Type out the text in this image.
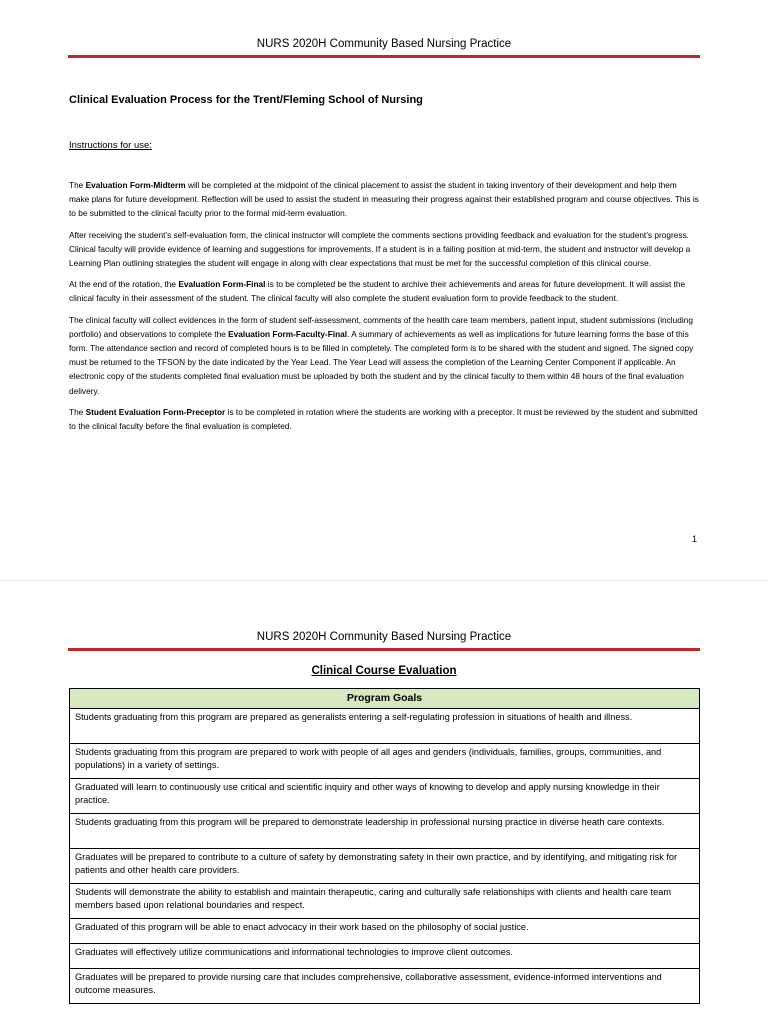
NURS 2020H Community Based Nursing Practice
Clinical Evaluation Process for the Trent/Fleming School of Nursing
Instructions for use:

The Evaluation Form-Midterm will be completed at the midpoint of the clinical placement to assist the student in taking inventory of their development and help them make plans for future development. Reflection will be used to assist the student in measuring their progress against their established program and course objectives. This is to be submitted to the clinical faculty prior to the formal mid-term evaluation.

After receiving the student’s self-evaluation form, the clinical instructor will complete the comments sections providing feedback and evaluation for the student’s progress. Clinical faculty will provide evidence of learning and suggestions for improvements. If a student is in a failing position at mid-term, the student and instructor will develop a Learning Plan outlining strategies the student will engage in along with clear expectations that must be met for the successful completion of this clinical course.

At the end of the rotation, the Evaluation Form-Final is to be completed be the student to archive their achievements and areas for future development. It will assist the clinical faculty in their assessment of the student. The clinical faculty will also complete the student evaluation form to provide feedback to the student.

The clinical faculty will collect evidences in the form of student self-assessment, comments of the health care team members, patient input, student submissions (including portfolio) and observations to complete the Evaluation Form-Faculty-Final. A summary of achievements as well as implications for future learning forms the base of this form. The attendance section and record of completed hours is to be filled in completely. The completed form is to be shared with the student and signed. The signed copy must be returned to the TFSON by the date indicated by the Year Lead. The Year Lead will assess the completion of the Learning Center Component if applicable. An electronic copy of the students completed final evaluation must be uploaded by both the student and by the clinical faculty to them within 48 hours of the final evaluation delivery.

The Student Evaluation Form-Preceptor is to be completed in rotation where the students are working with a preceptor. It must be reviewed by the student and submitted to the clinical faculty before the final evaluation is completed.

1
NURS 2020H Community Based Nursing Practice
Clinical Course Evaluation
Program Goals
Students graduating from this program are prepared as generalists entering a self-regulating profession in situations of health and illness.
Students graduating from this program are prepared to work with people of all ages and genders (individuals, families, groups, communities, and populations) in a variety of settings.
Graduated will learn to continuously use critical and scientific inquiry and other ways of knowing to develop and apply nursing knowledge in their practice.
Students graduating from this program will be prepared to demonstrate leadership in professional nursing practice in diverse heath care contexts.
Graduates will be prepared to contribute to a culture of safety by demonstrating safety in their own practice, and by identifying, and mitigating risk for patients and other health care providers.
Students will demonstrate the ability to establish and maintain therapeutic, caring and culturally safe relationships with clients and health care team members based upon relational boundaries and respect.
Graduated of this program will be able to enact advocacy in their work based on the philosophy of social justice.
Graduates will effectively utilize communications and informational technologies to improve client outcomes.
Graduates will be prepared to provide nursing care that includes comprehensive, collaborative assessment, evidence-informed interventions and outcome measures.
